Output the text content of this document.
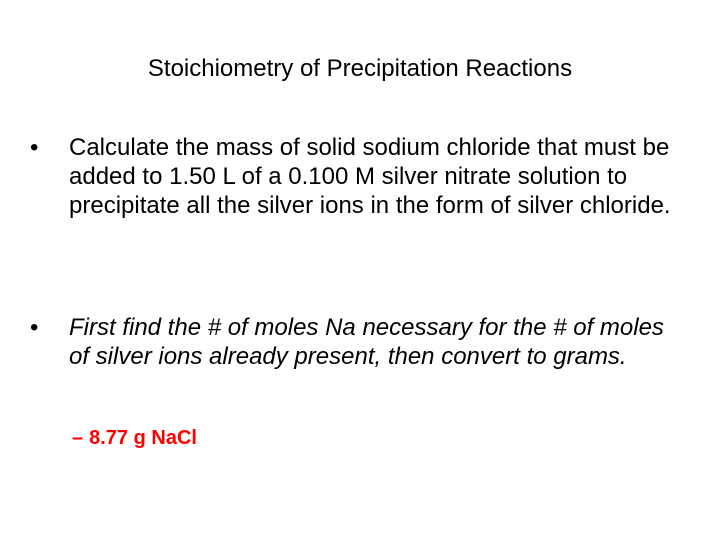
Stoichiometry of Precipitation Reactions
•	Calculate the mass of solid sodium chloride that must be added to 1.50 L of a 0.100 M silver nitrate solution to precipitate all the silver ions in the form of silver chloride.
•	First find the # of moles Na necessary for the # of moles of silver ions already present, then convert to grams.
– 8.77 g NaCl
